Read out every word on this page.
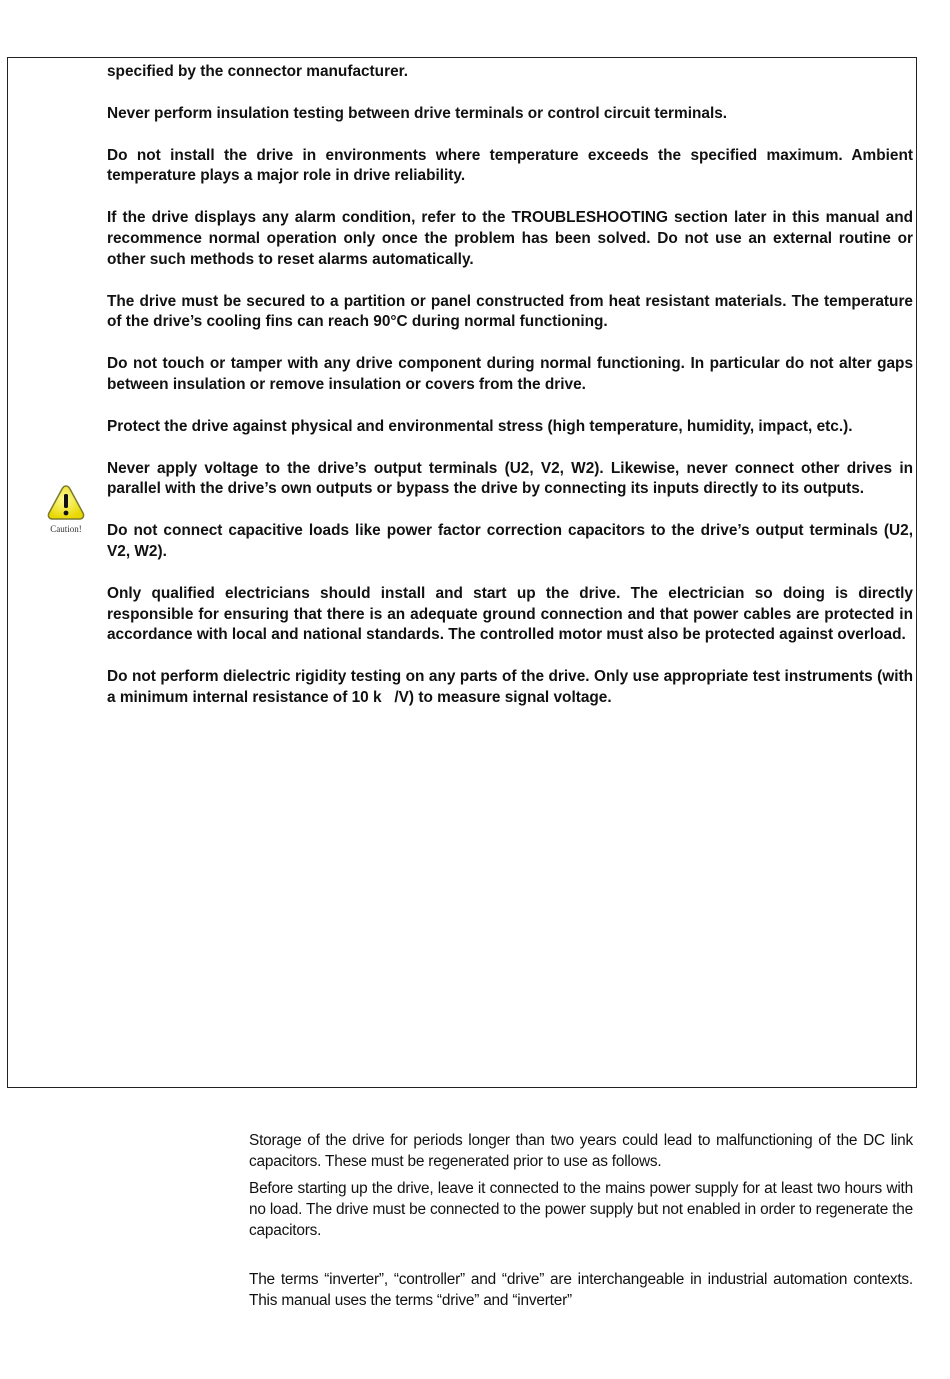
Caution!

specified by the connector manufacturer.

Never perform insulation testing between drive terminals or control circuit terminals.

Do not install the drive in environments where temperature exceeds the specified maximum. Ambient temperature plays a major role in drive reliability.

If the drive displays any alarm condition, refer to the TROUBLESHOOTING section later in this manual and recommence normal operation only once the problem has been solved. Do not use an external routine or other such methods to reset alarms automatically.

The drive must be secured to a partition or panel constructed from heat resistant materials. The temperature of the drive’s cooling fins can reach 90°C during normal functioning.

Do not touch or tamper with any drive component during normal functioning. In particular do not alter gaps between insulation or remove insulation or covers from the drive.

Protect the drive against physical and environmental stress (high temperature, humidity, impact, etc.).

Never apply voltage to the drive’s output terminals (U2, V2, W2). Likewise, never connect other drives in parallel with the drive’s own outputs or bypass the drive by connecting its inputs directly to its outputs.

Do not connect capacitive loads like power factor correction capacitors to the drive’s output terminals (U2, V2, W2).

Only qualified electricians should install and start up the drive. The electrician so doing is directly responsible for ensuring that there is an adequate ground connection and that power cables are protected in accordance with local and national standards. The controlled motor must also be protected against overload.

Do not perform dielectric rigidity testing on any parts of the drive. Only use appropriate test instruments (with a minimum internal resistance of 10 k   /V) to measure signal voltage.

Storage of the drive for periods longer than two years could lead to malfunctioning of the DC link capacitors. These must be regenerated prior to use as follows.

Before starting up the drive, leave it connected to the mains power supply for at least two hours with no load. The drive must be connected to the power supply but not enabled in order to regenerate the capacitors.

The terms “inverter”, “controller” and “drive” are interchangeable in industrial automation contexts. This manual uses the terms “drive” and “inverter”
